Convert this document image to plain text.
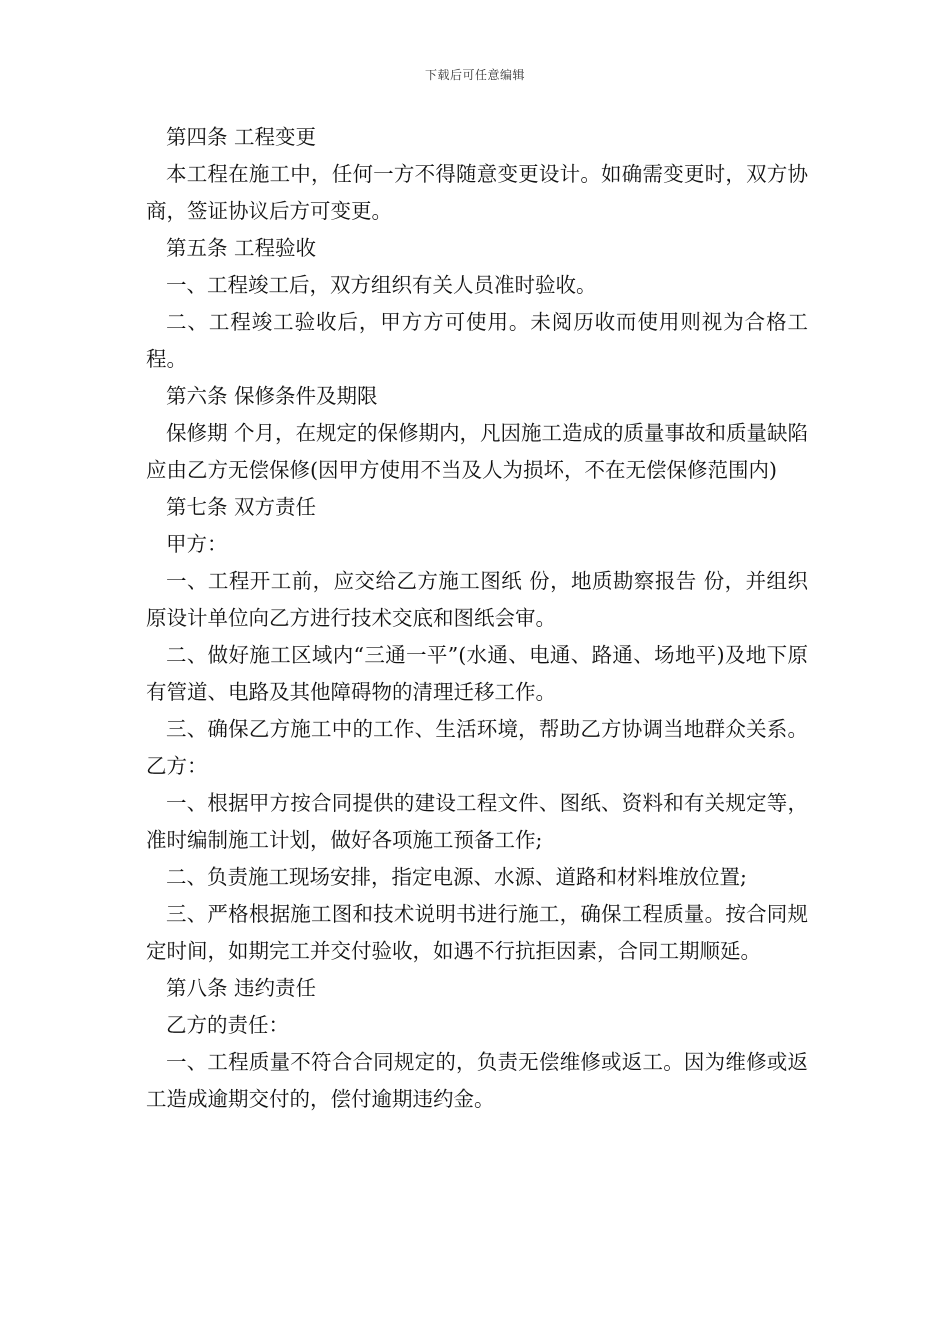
下载后可任意编辑

第四条 工程变更

本工程在施工中，任何一方不得随意变更设计。如确需变更时，双方协商，签证协议后方可变更。

第五条 工程验收

一、工程竣工后，双方组织有关人员准时验收。

二、工程竣工验收后，甲方方可使用。未阅历收而使用则视为合格工程。

第六条 保修条件及期限

保修期 个月，在规定的保修期内，凡因施工造成的质量事故和质量缺陷应由乙方无偿保修(因甲方使用不当及人为损坏，不在无偿保修范围内)

第七条 双方责任

甲方：

一、工程开工前，应交给乙方施工图纸 份，地质勘察报告 份，并组织原设计单位向乙方进行技术交底和图纸会审。

二、做好施工区域内“三通一平”(水通、电通、路通、场地平)及地下原有管道、电路及其他障碍物的清理迁移工作。

三、确保乙方施工中的工作、生活环境，帮助乙方协调当地群众关系。 乙方：

一、根据甲方按合同提供的建设工程文件、图纸、资料和有关规定等，准时编制施工计划，做好各项施工预备工作;

二、负责施工现场安排，指定电源、水源、道路和材料堆放位置;

三、严格根据施工图和技术说明书进行施工，确保工程质量。按合同规定时间，如期完工并交付验收，如遇不行抗拒因素，合同工期顺延。

第八条 违约责任

乙方的责任：

一、工程质量不符合合同规定的，负责无偿维修或返工。因为维修或返工造成逾期交付的，偿付逾期违约金。
